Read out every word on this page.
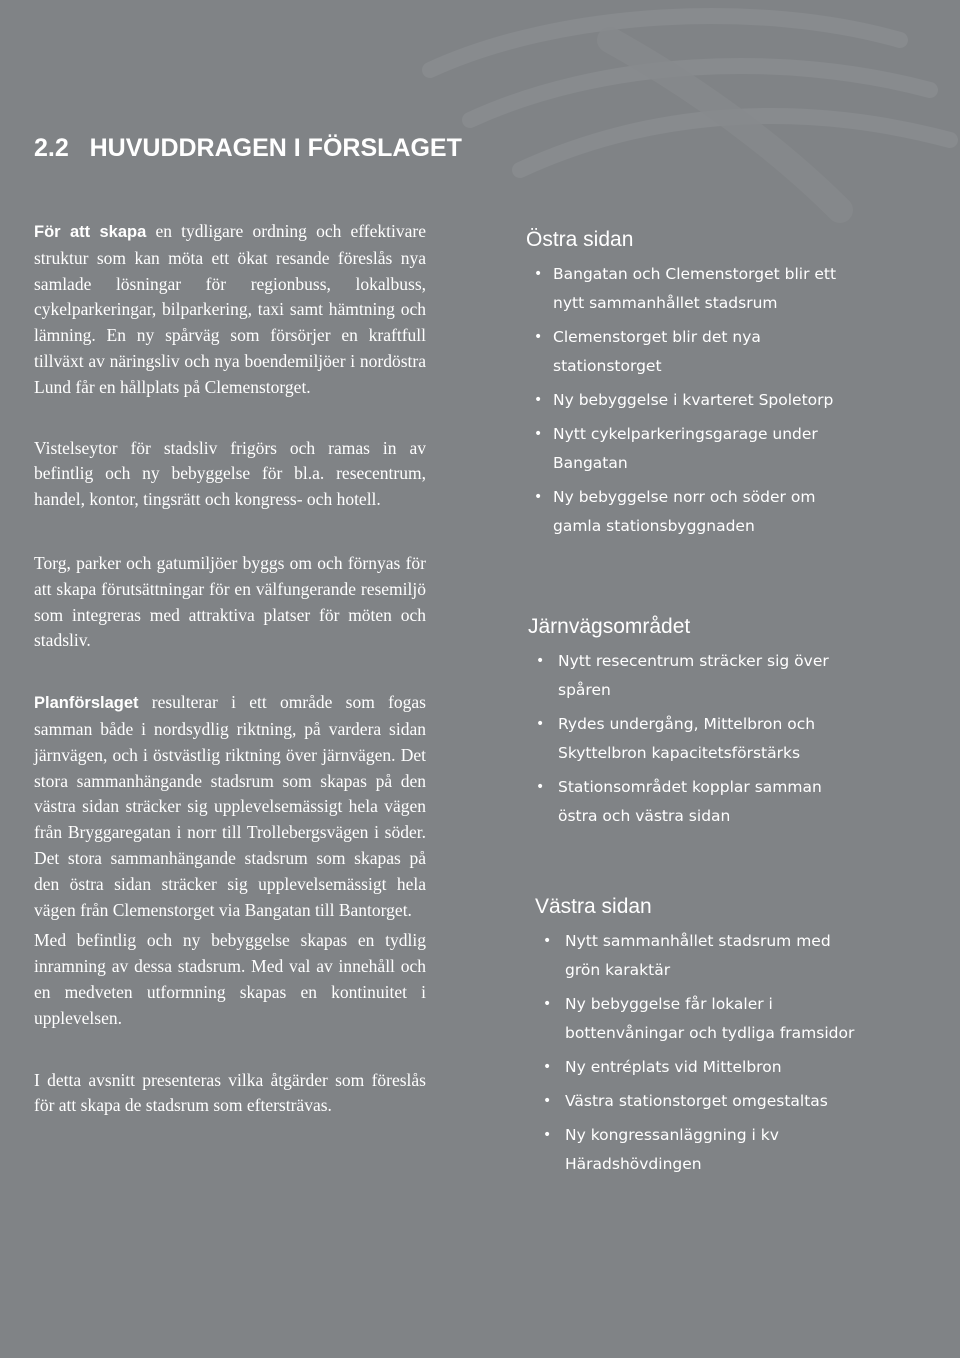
2.2 HUVUDDRAGEN I FÖRSLAGET

För att skapa en tydligare ordning och effektivare struktur som kan möta ett ökat resande föreslås nya samlade lösningar för regionbuss, lokalbuss, cykelparkeringar, bilparkering, taxi samt hämtning och lämning. En ny spårväg som försörjer en kraftfull tillväxt av näringsliv och nya boendemiljöer i nordöstra Lund får en hållplats på Clemenstorget.

Vistelseytor för stadsliv frigörs och ramas in av befintlig och ny bebyggelse för bl.a. resecentrum, handel, kontor, tingsrätt och kongress- och hotell.

Torg, parker och gatumiljöer byggs om och förnyas för att skapa förutsättningar för en välfungerande resemiljö som integreras med attraktiva platser för möten och stadsliv.

Planförslaget resulterar i ett område som fogas samman både i nordsydlig riktning, på vardera sidan järnvägen, och i östvästlig riktning över järnvägen. Det stora sammanhängande stadsrum som skapas på den västra sidan sträcker sig upplevelsemässigt hela vägen från Bryggaregatan i norr till Trollebergsvägen i söder. Det stora sammanhängande stadsrum som skapas på den östra sidan sträcker sig upplevelsemässigt hela vägen från Clemenstorget via Bangatan till Bantorget.

Med befintlig och ny bebyggelse skapas en tydlig inramning av dessa stadsrum. Med val av innehåll och en medveten utformning skapas en kontinuitet i upplevelsen.

I detta avsnitt presenteras vilka åtgärder som föreslås för att skapa de stadsrum som eftersträvas.

Östra sidan
• Bangatan och Clemenstorget blir ett nytt sammanhållet stadsrum
• Clemenstorget blir det nya stationstorget
• Ny bebyggelse i kvarteret Spoletorp
• Nytt cykelparkeringsgarage under Bangatan
• Ny bebyggelse norr och söder om gamla stationsbyggnaden
Järnvägsområdet
• Nytt resecentrum sträcker sig över spåren
• Rydes undergång, Mittelbron och Skyttelbron kapacitetsförstärks
• Stationsområdet kopplar samman östra och västra sidan
Västra sidan
• Nytt sammanhållet stadsrum med grön karaktär
• Ny bebyggelse får lokaler i bottenvåningar och tydliga framsidor
• Ny entréplats vid Mittelbron
• Västra stationstorget omgestaltas
• Ny kongressanläggning i kv Häradshövdingen
